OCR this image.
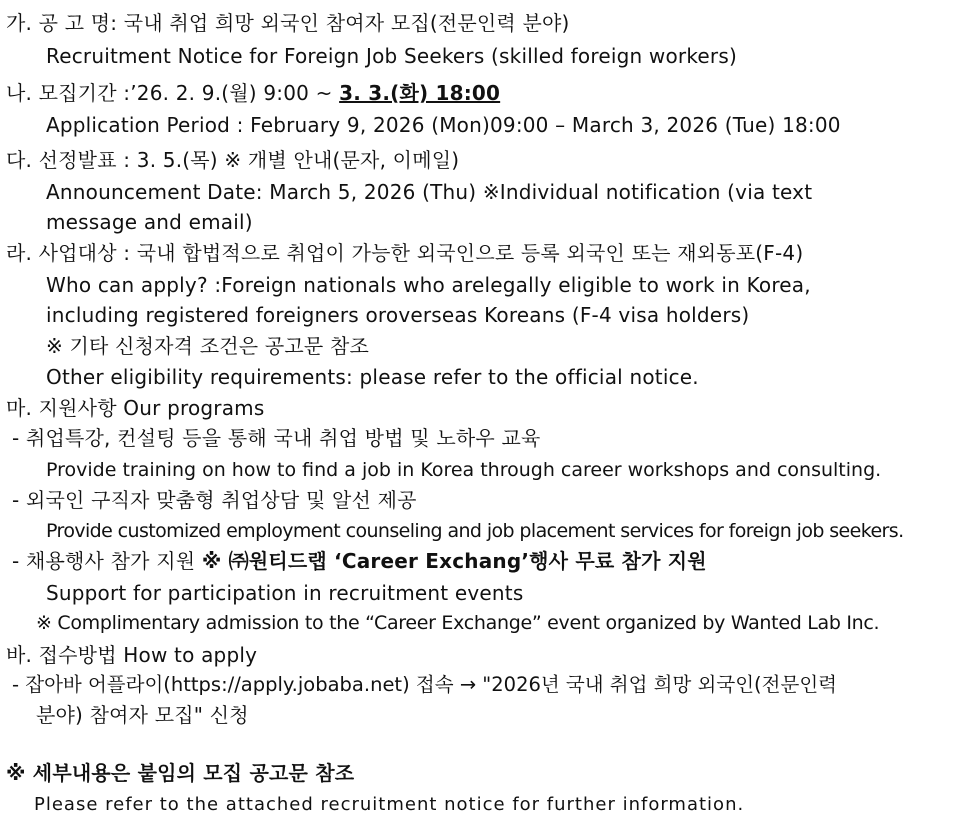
가. 공 고 명: 국내 취업 희망 외국인 참여자 모집(전문인력 분야)
Recruitment Notice for Foreign Job Seekers (skilled foreign workers)
나. 모집기간 :’26. 2. 9.(월) 9:00 ~ 3. 3.(화) 18:00
Application Period : February 9, 2026 (Mon)09:00 – March 3, 2026 (Tue) 18:00
다. 선정발표 : 3. 5.(목) ※ 개별 안내(문자, 이메일)
Announcement Date: March 5, 2026 (Thu) ※Individual notification (via text
message and email)
라. 사업대상 : 국내 합법적으로 취업이 가능한 외국인으로 등록 외국인 또는 재외동포(F-4)
Who can apply? :Foreign nationals who arelegally eligible to work in Korea,
including registered foreigners oroverseas Koreans (F-4 visa holders)
※ 기타 신청자격 조건은 공고문 참조
Other eligibility requirements: please refer to the official notice.
마. 지원사항 Our programs
- 취업특강, 컨설팅 등을 통해 국내 취업 방법 및 노하우 교육
Provide training on how to find a job in Korea through career workshops and consulting.
- 외국인 구직자 맞춤형 취업상담 및 알선 제공
Provide customized employment counseling and job placement services for foreign job seekers.
- 채용행사 참가 지원 ※ ㈜원티드랩 ‘Career Exchang’행사 무료 참가 지원
Support for participation in recruitment events
※ Complimentary admission to the “Career Exchange” event organized by Wanted Lab Inc.
바. 접수방법 How to apply
- 잡아바 어플라이(https://apply.jobaba.net) 접속 → "2026년 국내 취업 희망 외국인(전문인력
분야) 참여자 모집" 신청
※ 세부내용은 붙임의 모집 공고문 참조
Please refer to the attached recruitment notice for further information.
